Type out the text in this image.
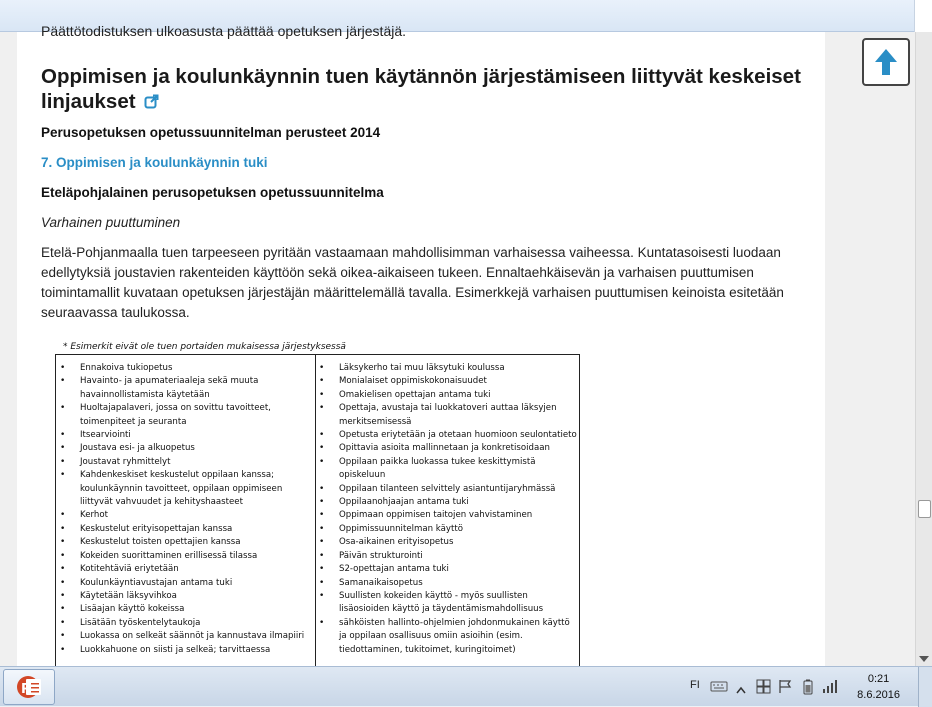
Päättötodistuksen ulkoasusta päättää opetuksen järjestäjä.
Oppimisen ja koulunkäynnin tuen käytännön järjestämiseen liittyvät keskeiset linjaukset
Perusopetuksen opetussuunnitelman perusteet 2014
7. Oppimisen ja koulunkäynnin tuki
Eteläpohjalainen perusopetuksen opetussuunnitelma
Varhainen puuttuminen

Etelä-Pohjanmaalla tuen tarpeeseen pyritään vastaamaan mahdollisimman varhaisessa vaiheessa. Kuntatasoisesti luodaan edellytyksiä joustavien rakenteiden käyttöön sekä oikea-aikaiseen tukeen. Ennaltaehkäisevän ja varhaisen puuttumisen toimintamallit kuvataan opetuksen järjestäjän määrittelemällä tavalla. Esimerkkejä varhaisen puuttumisen keinoista esitetään seuraavassa taulukossa.

* Esimerkit eivät ole tuen portaiden mukaisessa järjestyksessä
• Ennakoiva tukiopetus
• Havainto- ja apumateriaaleja sekä muuta havainnollistamista käytetään
• Huoltajapalaveri, jossa on sovittu tavoitteet, toimenpiteet ja seuranta
• Itsearviointi
• Joustava esi- ja alkuopetus
• Joustavat ryhmittelyt
• Kahdenkeskiset keskustelut oppilaan kanssa; koulunkäynnin tavoitteet, oppilaan oppimiseen liittyvät vahvuudet ja kehityshaasteet
• Kerhot
• Keskustelut erityisopettajan kanssa
• Keskustelut toisten opettajien kanssa
• Kokeiden suorittaminen erillisessä tilassa
• Kotitehtäviä eriytetään
• Koulunkäyntiavustajan antama tuki
• Käytetään läksyvihkoa
• Lisäajan käyttö kokeissa
• Lisätään työskentelytaukoja
• Luokassa on selkeät säännöt ja kannustava ilmapiiri
• Luokkahuone on siisti ja selkeä; tarvittaessa
• Läksykerho tai muu läksytuki koulussa
• Monialaiset oppimiskokonaisuudet
• Omakielisen opettajan antama tuki
• Opettaja, avustaja tai luokkatoveri auttaa läksyjen merkitsemisessä
• Opetusta eriytetään ja otetaan huomioon seulontatieto
• Opittavia asioita mallinnetaan ja konkretisoidaan
• Oppilaan paikka luokassa tukee keskittymistä opiskeluun
• Oppilaan tilanteen selvittely asiantuntijaryhmässä
• Oppilaanohjaajan antama tuki
• Oppimaan oppimisen taitojen vahvistaminen
• Oppimissuunnitelman käyttö
• Osa-aikainen erityisopetus
• Päivän strukturointi
• S2-opettajan antama tuki
• Samanaikaisopetus
• Suullisten kokeiden käyttö - myös suullisten lisäosioiden käyttö ja täydentämismahdollisuus
• sähköisten hallinto-ohjelmien johdonmukainen käyttö ja oppilaan osallisuus omiin asioihin (esim. tiedottaminen, tukitoimet, kuringitoimet)
P	FI	0:21
8.6.2016
